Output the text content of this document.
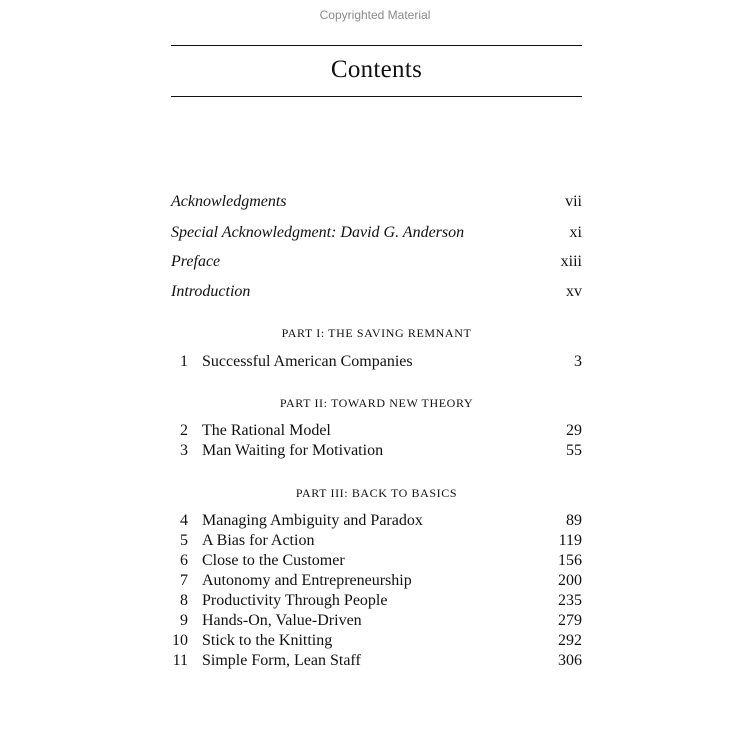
Copyrighted Material
Contents
Acknowledgments	vii
Special Acknowledgment: David G. Anderson	xi
Preface	xiii
Introduction	xv
PART I: THE SAVING REMNANT
1 Successful American Companies	3
PART II: TOWARD NEW THEORY
2 The Rational Model	29
3 Man Waiting for Motivation	55
PART III: BACK TO BASICS
4 Managing Ambiguity and Paradox	89
5 A Bias for Action	119
6 Close to the Customer	156
7 Autonomy and Entrepreneurship	200
8 Productivity Through People	235
9 Hands-On, Value-Driven	279
10 Stick to the Knitting	292
11 Simple Form, Lean Staff	306
